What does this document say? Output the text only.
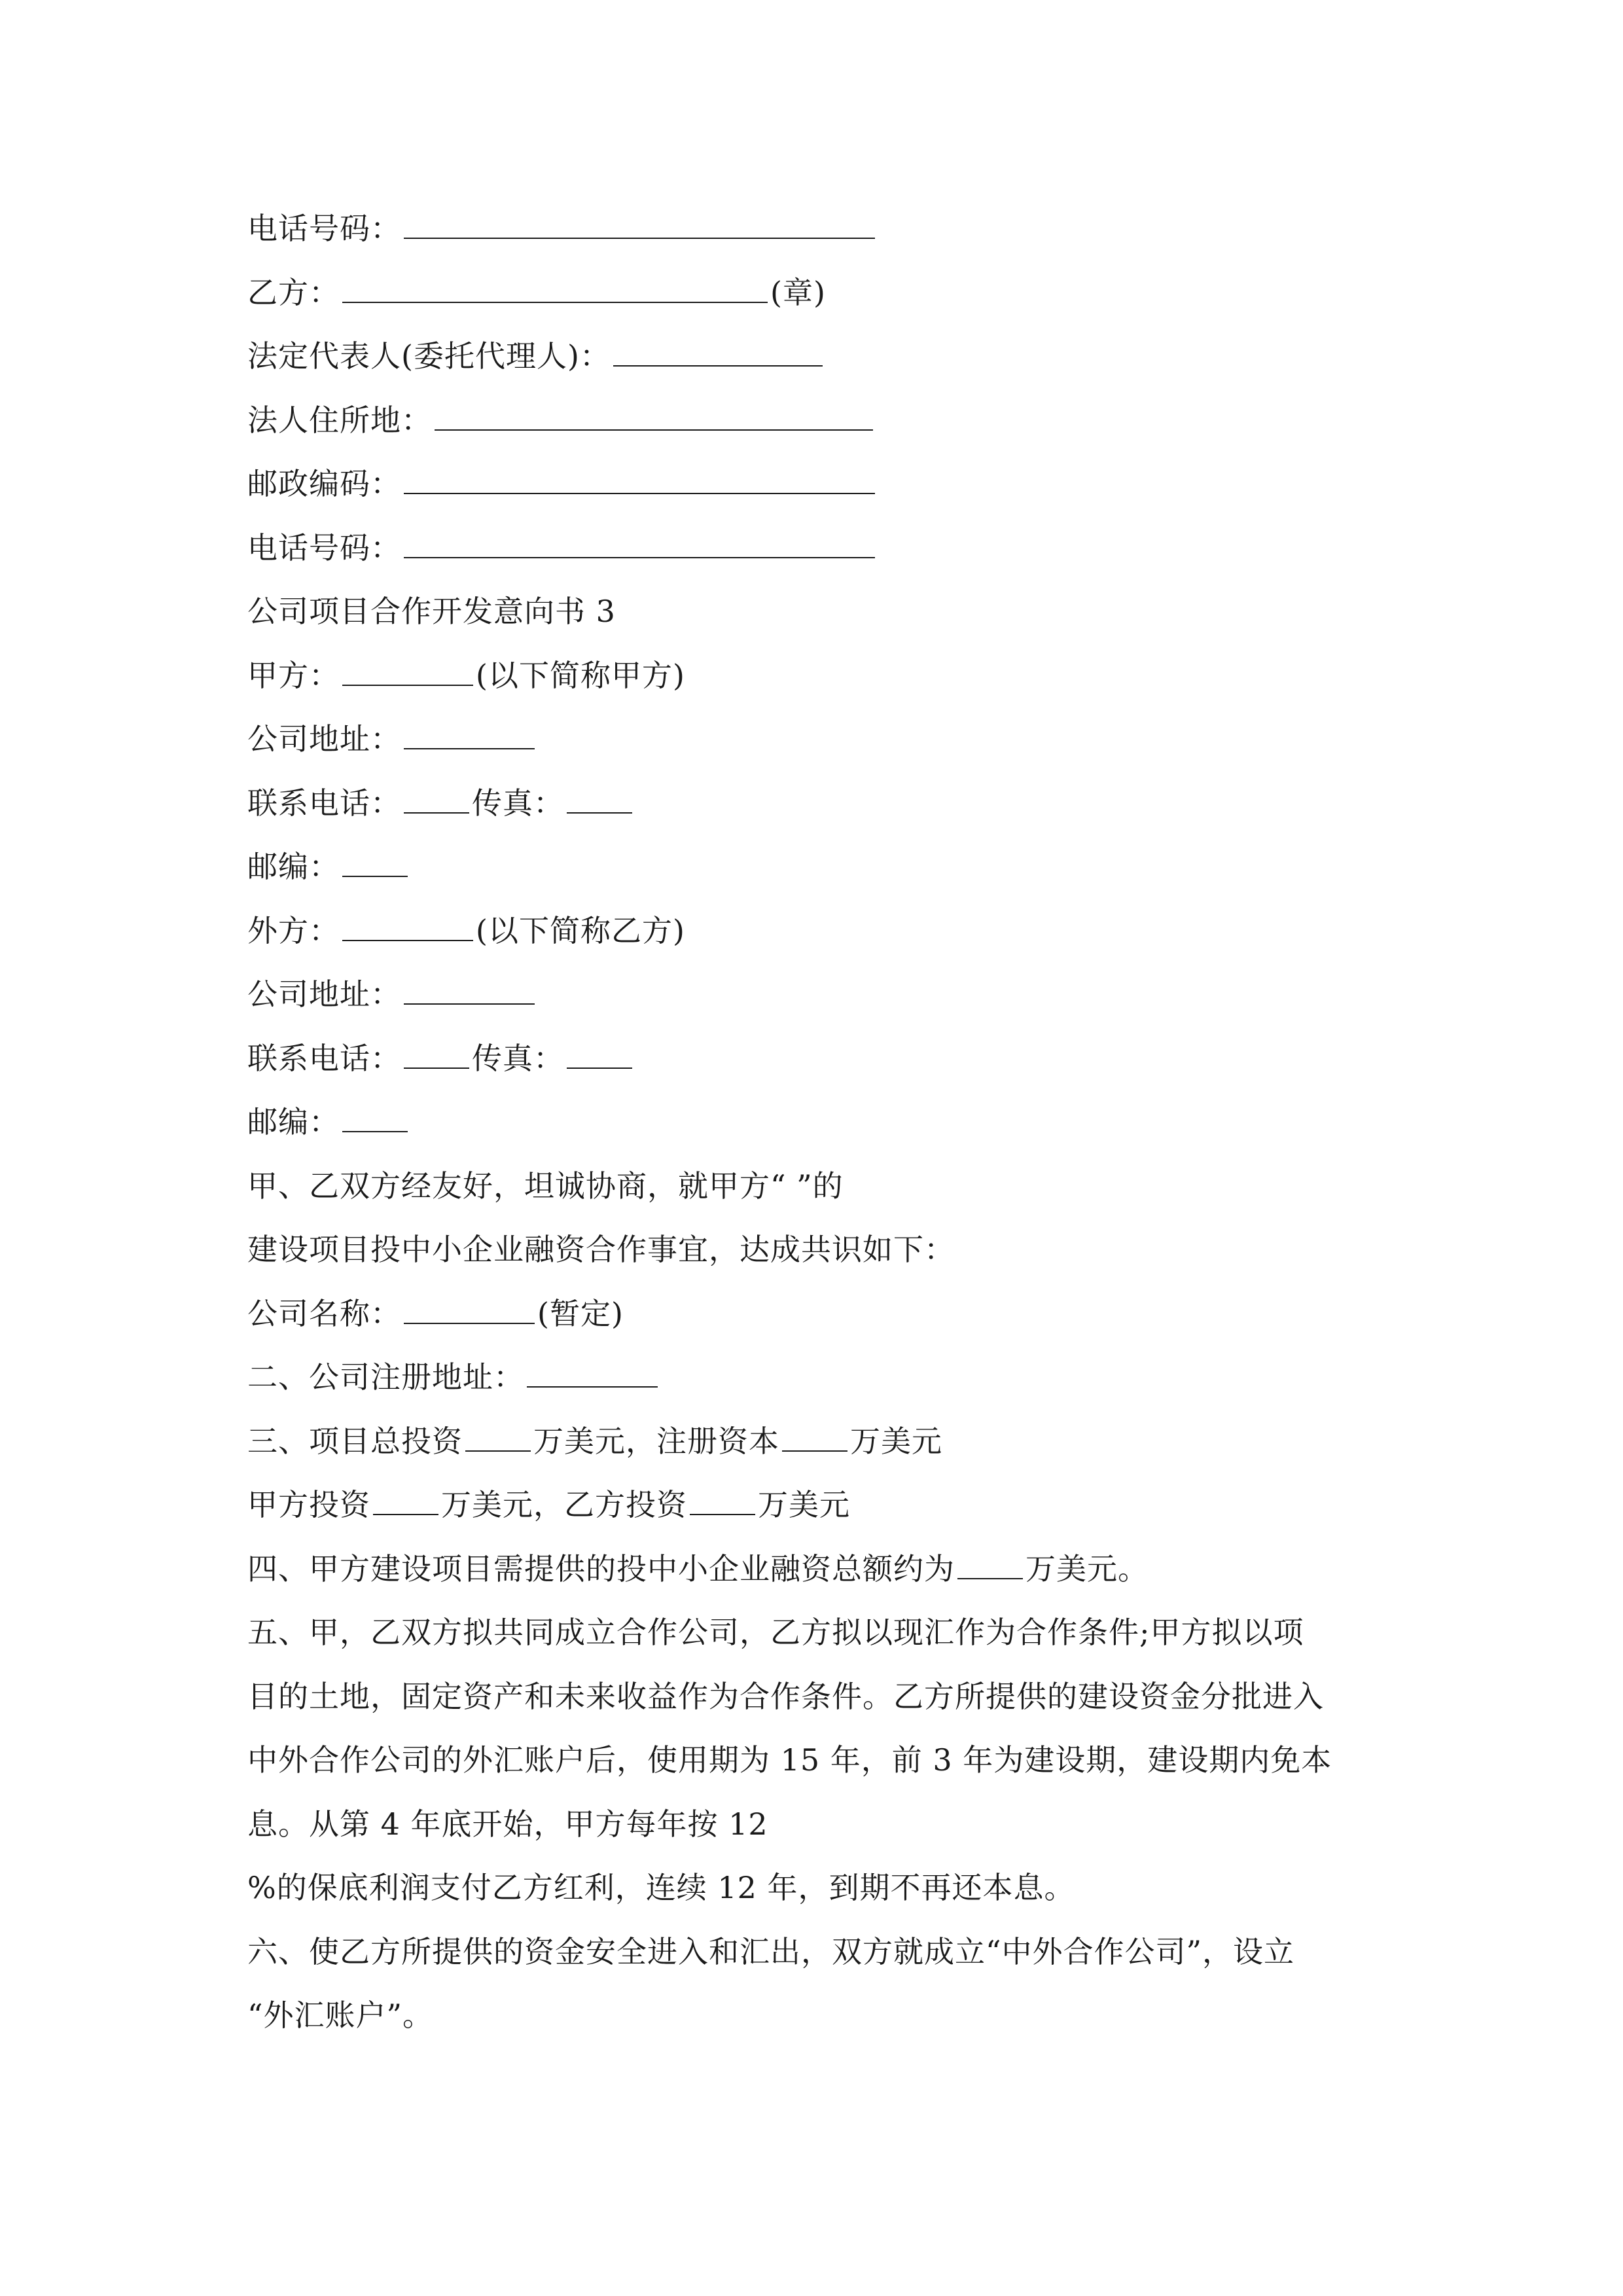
电话号码：
乙方：	(章)
法定代表人(委托代理人)：
法人住所地：
邮政编码：
电话号码：
公司项目合作开发意向书 3
甲方：	(以下简称甲方)
公司地址：
联系电话： 传真：
邮编：
外方：	(以下简称乙方)
公司地址：
联系电话： 传真：
邮编：
甲、乙双方经友好，坦诚协商，就甲方“ ”的
建设项目投中小企业融资合作事宜，达成共识如下：
公司名称：	(暂定)
二、公司注册地址：
三、项目总投资 万美元，注册资本 万美元
甲方投资 万美元，乙方投资 万美元
四、甲方建设项目需提供的投中小企业融资总额约为 万美元。
五、甲，乙双方拟共同成立合作公司，乙方拟以现汇作为合作条件;甲方拟以项
目的土地，固定资产和未来收益作为合作条件。乙方所提供的建设资金分批进入
中外合作公司的外汇账户后，使用期为 15 年，前 3 年为建设期，建设期内免本
息。从第 4 年底开始，甲方每年按 12
%的保底利润支付乙方红利，连续 12 年，到期不再还本息。
六、使乙方所提供的资金安全进入和汇出，双方就成立“中外合作公司”，设立
“外汇账户”。
